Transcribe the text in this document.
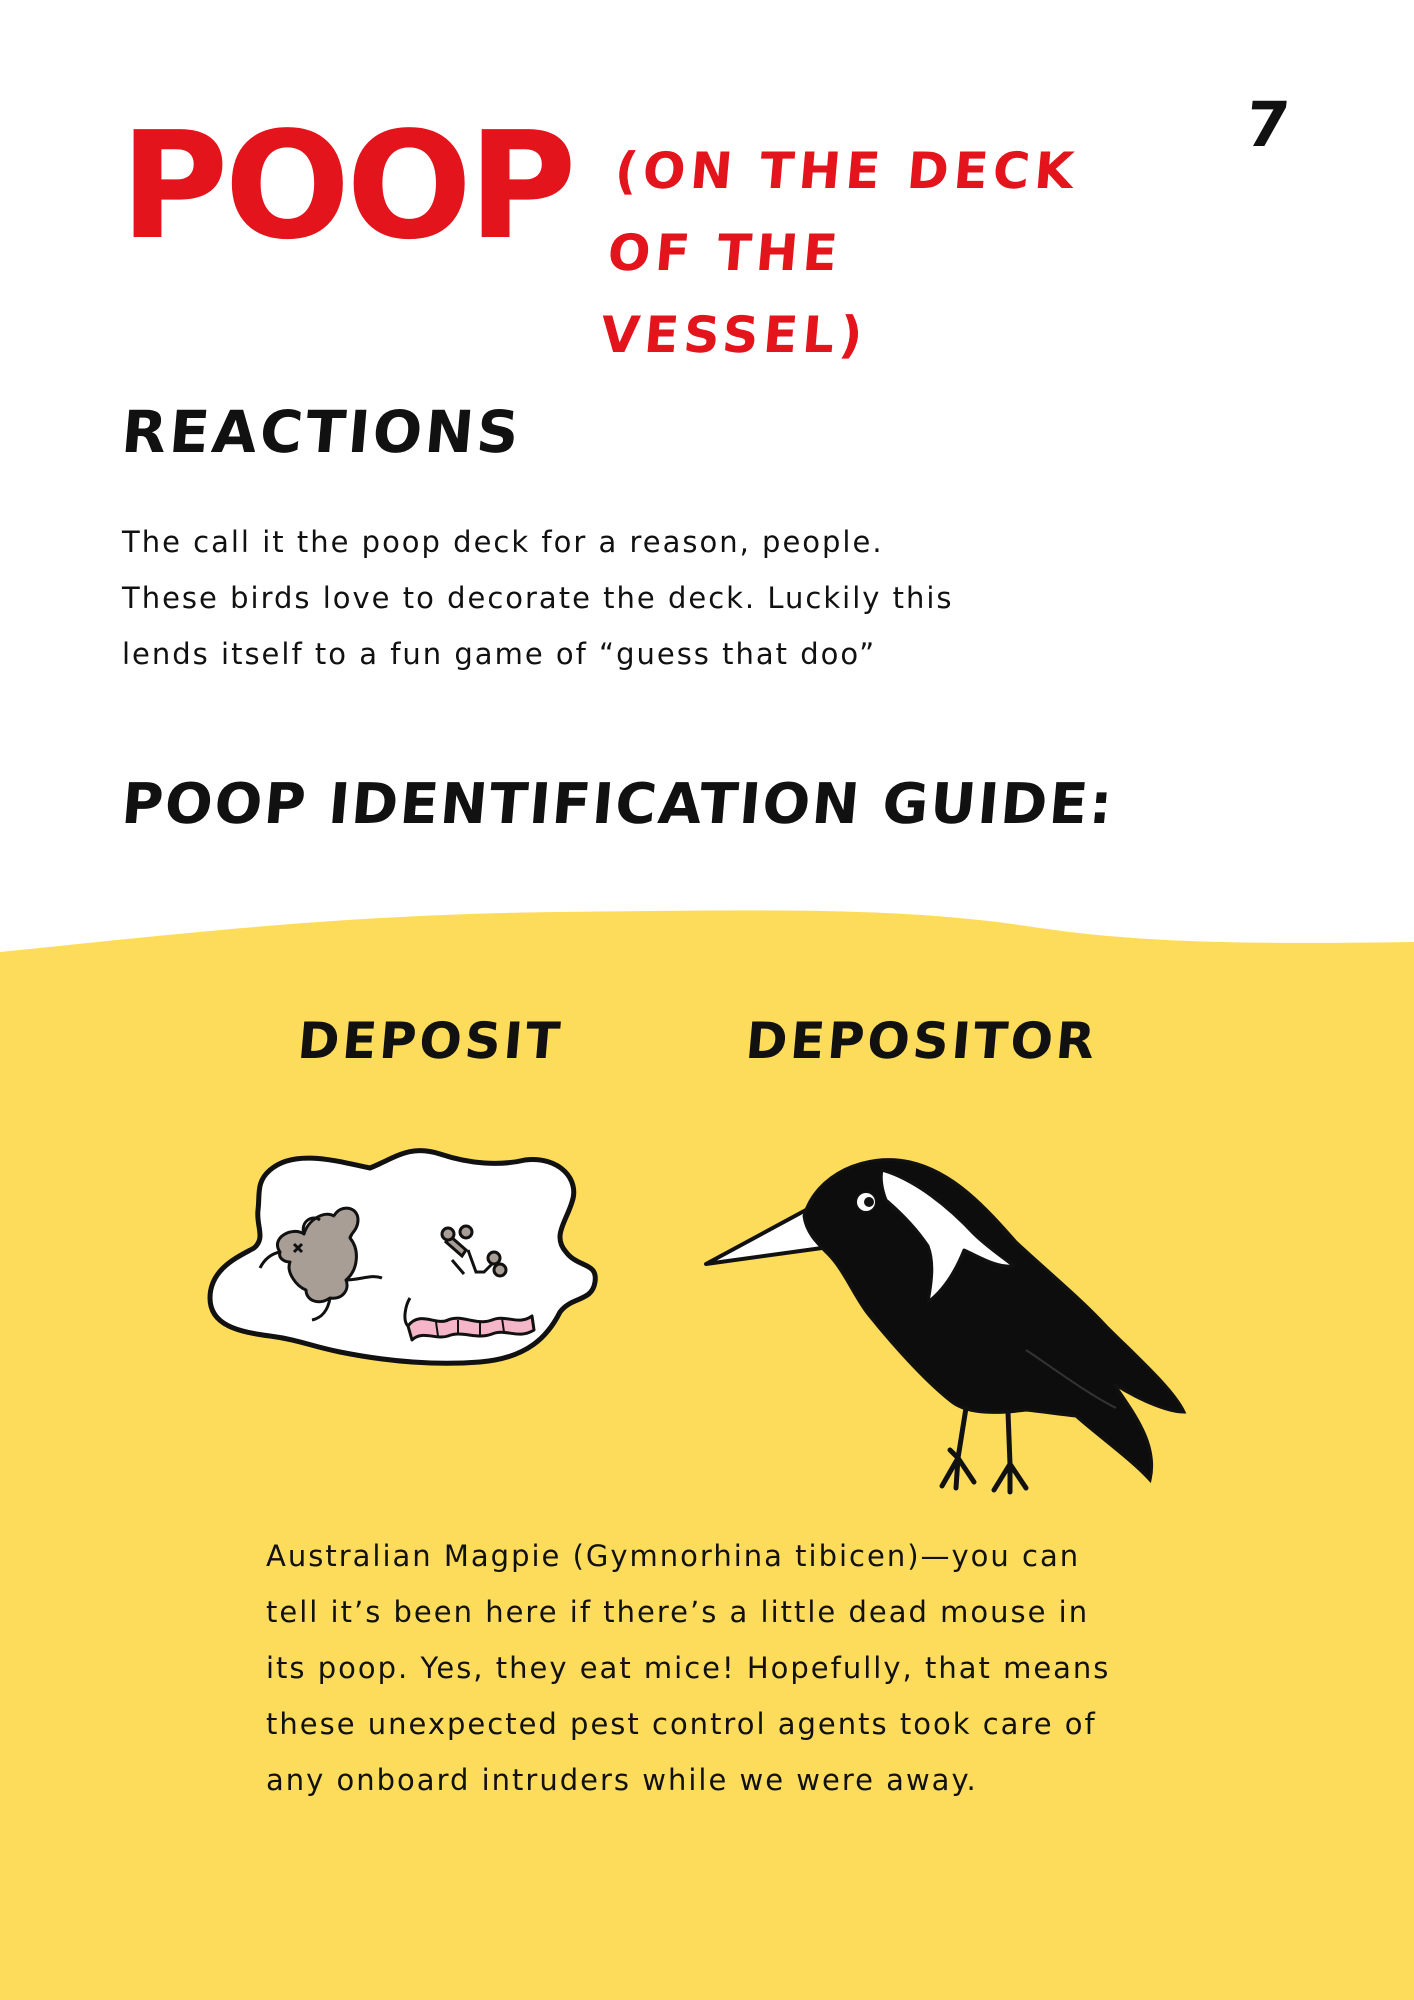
7
POOP (ON THE DECK
OF THE VESSEL)
REACTIONS
The call it the poop deck for a reason, people.
These birds love to decorate the deck. Luckily this
lends itself to a fun game of “guess that doo”
POOP IDENTIFICATION GUIDE:
DEPOSIT	DEPOSITOR
Australian Magpie (Gymnorhina tibicen)—you can
tell it’s been here if there’s a little dead mouse in
its poop. Yes, they eat mice! Hopefully, that means
these unexpected pest control agents took care of
any onboard intruders while we were away.
